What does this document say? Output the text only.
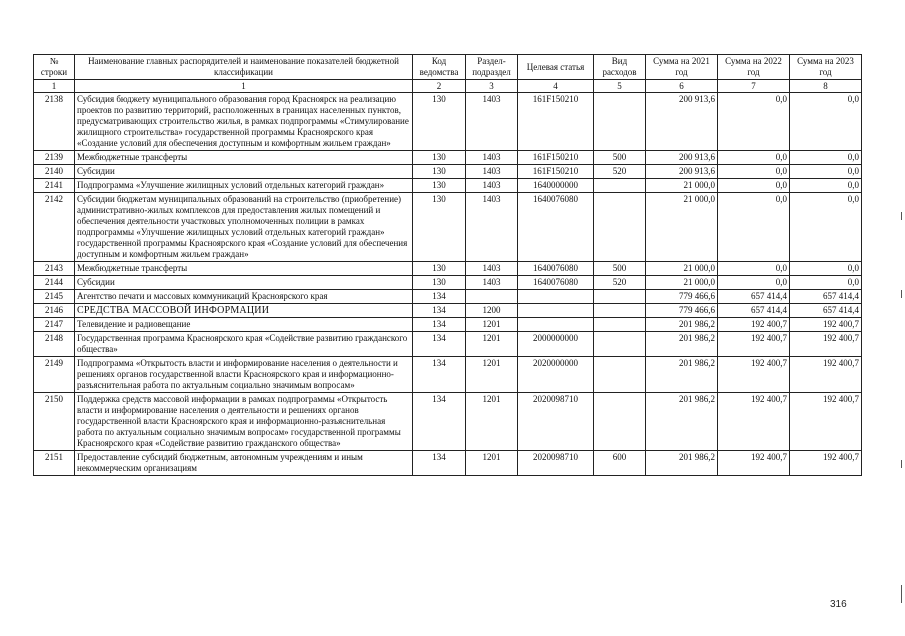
№ строки	Наименование главных распорядителей и наименование показателей бюджетной классификации	Код ведомства	Раздел-подраздел	Целевая статья	Вид расходов	Сумма на 2021 год	Сумма на 2022 год	Сумма на 2023 год
1	1	2	3	4	5	6	7	8
2138	Субсидия бюджету муниципального образования город Красноярск на реализацию проектов по развитию территорий, расположенных в границах населенных пунктов, предусматривающих строительство жилья, в рамках подпрограммы «Стимулирование жилищного строительства» государственной программы Красноярского края «Создание условий для обеспечения доступным и комфортным жильем граждан»	130	1403	161F150210		200 913,6	0,0	0,0
2139	Межбюджетные трансферты	130	1403	161F150210	500	200 913,6	0,0	0,0
2140	Субсидии	130	1403	161F150210	520	200 913,6	0,0	0,0
2141	Подпрограмма «Улучшение жилищных условий отдельных категорий граждан»	130	1403	1640000000		21 000,0	0,0	0,0
2142	Субсидии бюджетам муниципальных образований на строительство (приобретение) административно-жилых комплексов для предоставления жилых помещений и обеспечения деятельности участковых уполномоченных полиции в рамках подпрограммы «Улучшение жилищных условий отдельных категорий граждан» государственной программы Красноярского края «Создание условий для обеспечения доступным и комфортным жильем граждан»	130	1403	1640076080		21 000,0	0,0	0,0
2143	Межбюджетные трансферты	130	1403	1640076080	500	21 000,0	0,0	0,0
2144	Субсидии	130	1403	1640076080	520	21 000,0	0,0	0,0
2145	Агентство печати и массовых коммуникаций Красноярского края	134				779 466,6	657 414,4	657 414,4
2146	СРЕДСТВА МАССОВОЙ ИНФОРМАЦИИ	134	1200			779 466,6	657 414,4	657 414,4
2147	Телевидение и радиовещание	134	1201			201 986,2	192 400,7	192 400,7
2148	Государственная программа Красноярского края «Содействие развитию гражданского общества»	134	1201	2000000000		201 986,2	192 400,7	192 400,7
2149	Подпрограмма «Открытость власти и информирование населения о деятельности и решениях органов государственной власти Красноярского края и информационно-разъяснительная работа по актуальным социально значимым вопросам»	134	1201	2020000000		201 986,2	192 400,7	192 400,7
2150	Поддержка средств массовой информации в рамках подпрограммы «Открытость власти и информирование населения о деятельности и решениях органов государственной власти Красноярского края и информационно-разъяснительная работа по актуальным социально значимым вопросам» государственной программы Красноярского края «Содействие развитию гражданского общества»	134	1201	2020098710		201 986,2	192 400,7	192 400,7
2151	Предоставление субсидий бюджетным, автономным учреждениям и иным некоммерческим организациям	134	1201	2020098710	600	201 986,2	192 400,7	192 400,7
316
